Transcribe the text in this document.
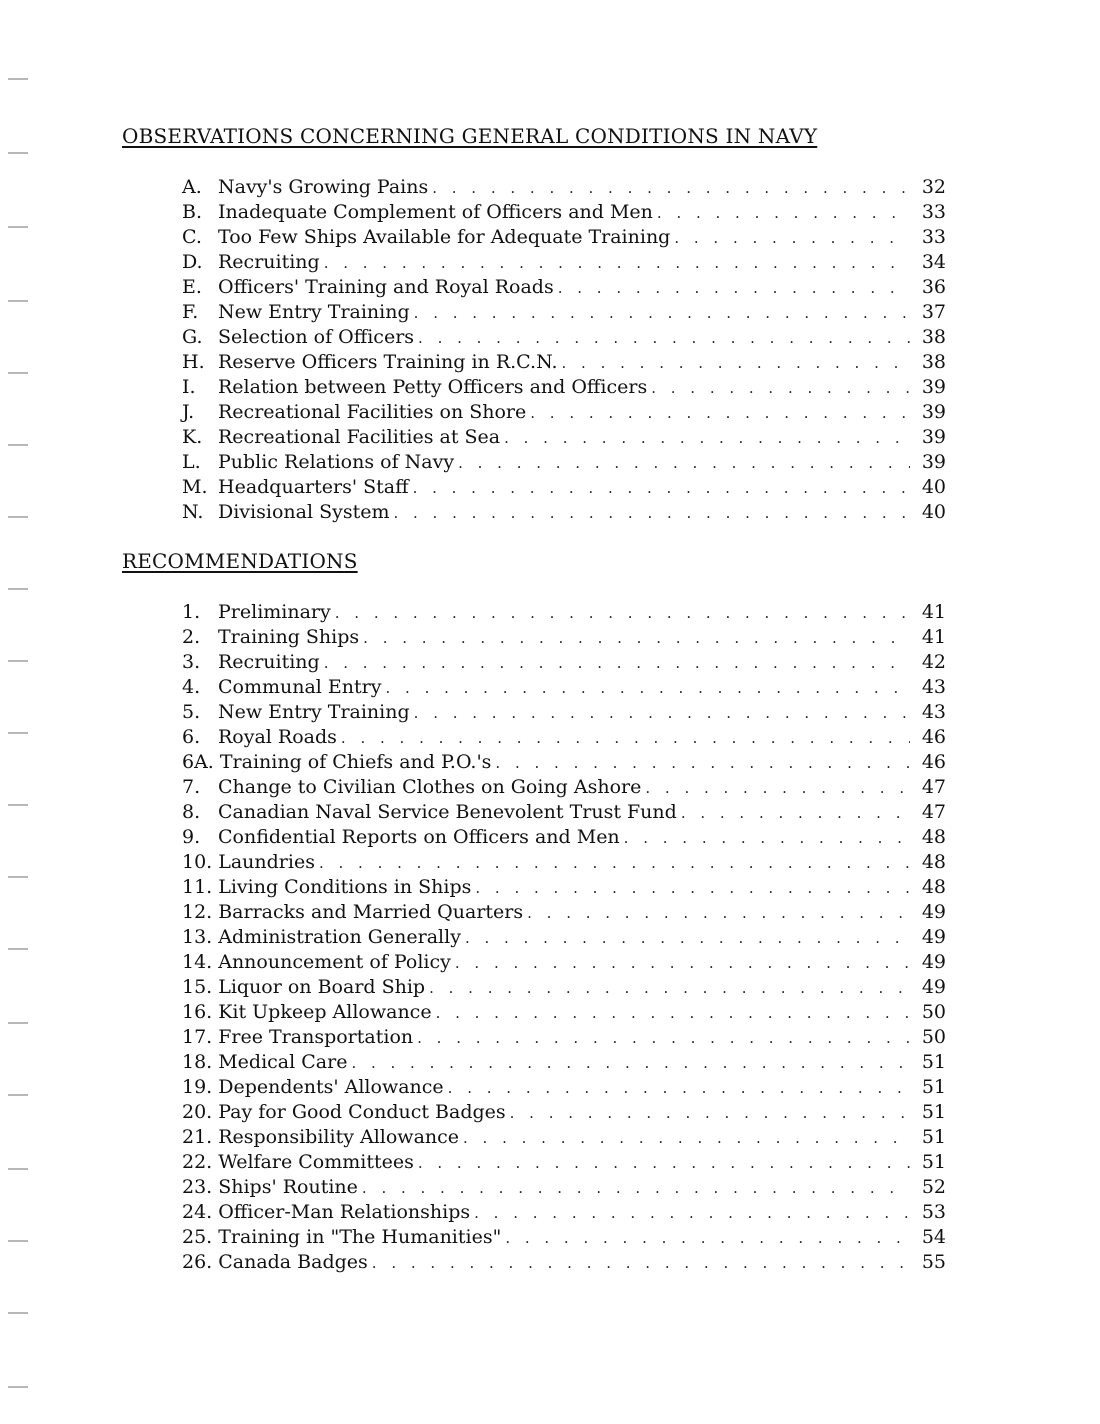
OBSERVATIONS CONCERNING GENERAL CONDITIONS IN NAVY
A. Navy's Growing Pains . . .	32
B. Inadequate Complement of Officers and Men . . .	33
C. Too Few Ships Available for Adequate Training . . .	33
D. Recruiting . . .	34
E. Officers' Training and Royal Roads . . .	36
F.	New Entry Training . . .	37
G. Selection of Officers . . .	38
H. Reserve Officers Training in R.C.N. . . .	38
I.	Relation between Petty Officers and Officers . . .	39
J.	Recreational Facilities on Shore . . .	39
K. Recreational Facilities at Sea . . .	39
L. Public Relations of Navy . . .	39
M. Headquarters' Staff . . .	40
N. Divisional System . . .	40
RECOMMENDATIONS
1. Preliminary . . .	41
2. Training Ships . . .	41
3. Recruiting . . .	42
4. Communal Entry . . .	43
5. New Entry Training . . .	43
6. Royal Roads . . .	46
6A. Training of Chiefs and P.O.'s . . .	46
7. Change to Civilian Clothes on Going Ashore . . .	47
8. Canadian Naval Service Benevolent Trust Fund . . .	47
9. Confidential Reports on Officers and Men . . .	48
10. Laundries . . .	48
11. Living Conditions in Ships . . .	48
12. Barracks and Married Quarters . . .	49
13. Administration Generally . . .	49
14. Announcement of Policy . . .	49
15. Liquor on Board Ship . . .	49
16. Kit Upkeep Allowance . . .	50
17. Free Transportation . . .	50
18. Medical Care . . .	51
19. Dependents' Allowance . . .	51
20. Pay for Good Conduct Badges . . .	51
21. Responsibility Allowance . . .	51
22. Welfare Committees . . .	51
23. Ships' Routine . . .	52
24. Officer-Man Relationships . . .	53
25. Training in "The Humanities" . . .	54
26. Canada Badges . . .	55
